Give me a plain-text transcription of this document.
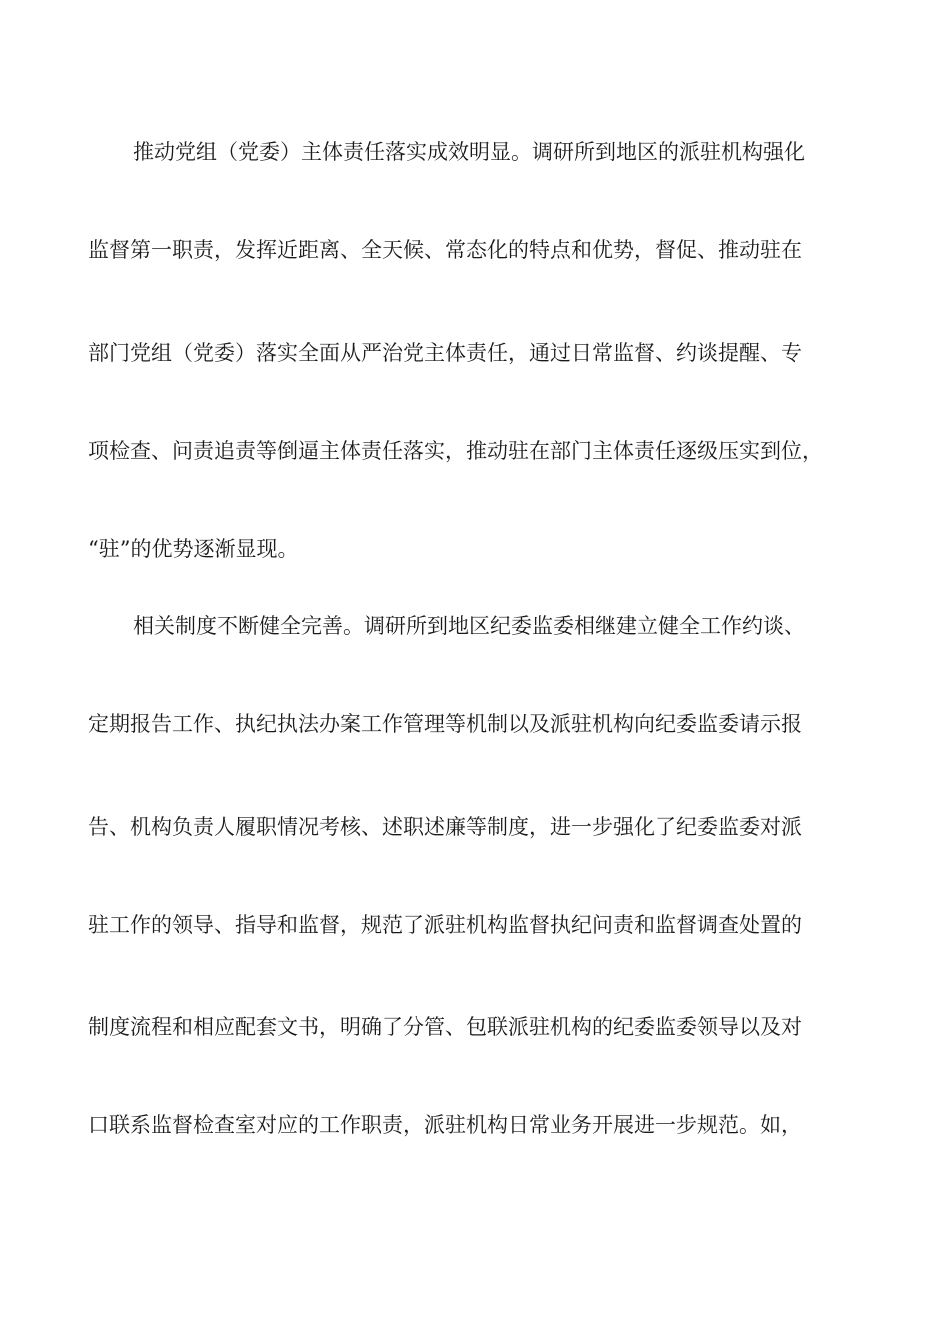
推动党组（党委）主体责任落实成效明显。调研所到地区的派驻机构强化
监督第一职责，发挥近距离、全天候、常态化的特点和优势，督促、推动驻在
部门党组（党委）落实全面从严治党主体责任，通过日常监督、约谈提醒、专
项检查、问责追责等倒逼主体责任落实，推动驻在部门主体责任逐级压实到位，
“驻”的优势逐渐显现。
相关制度不断健全完善。调研所到地区纪委监委相继建立健全工作约谈、
定期报告工作、执纪执法办案工作管理等机制以及派驻机构向纪委监委请示报
告、机构负责人履职情况考核、述职述廉等制度，进一步强化了纪委监委对派
驻工作的领导、指导和监督，规范了派驻机构监督执纪问责和监督调查处置的
制度流程和相应配套文书，明确了分管、包联派驻机构的纪委监委领导以及对
口联系监督检查室对应的工作职责，派驻机构日常业务开展进一步规范。如，
